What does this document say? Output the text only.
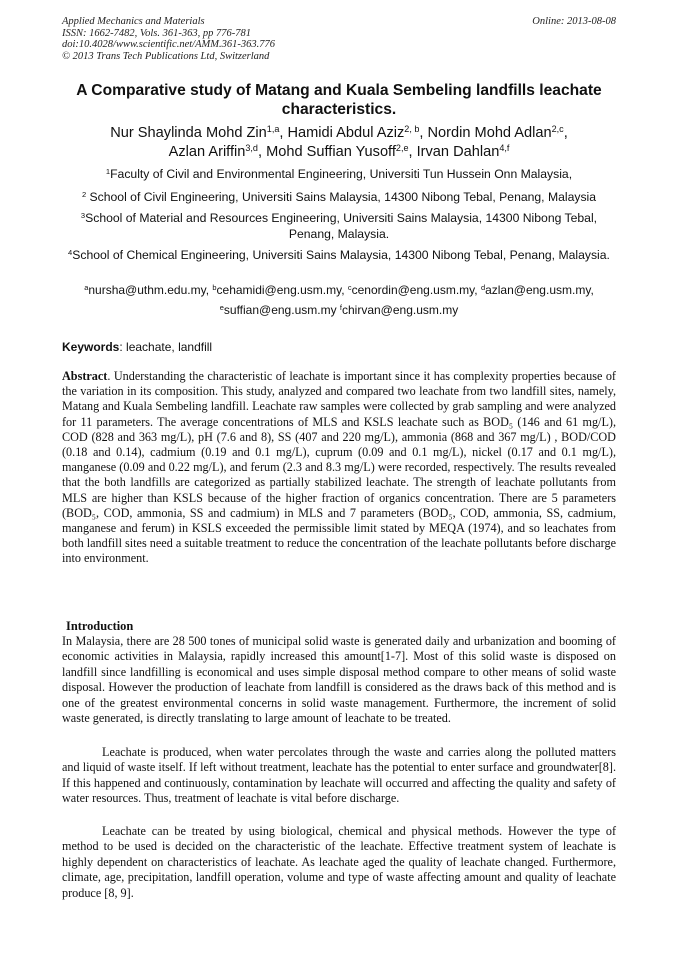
Applied Mechanics and Materials
ISSN: 1662-7482, Vols. 361-363, pp 776-781
doi:10.4028/www.scientific.net/AMM.361-363.776
© 2013 Trans Tech Publications Ltd, Switzerland
Online: 2013-08-08
A Comparative study of Matang and Kuala Sembeling landfills leachate characteristics.
Nur Shaylinda Mohd Zin$^{1,a}$, Hamidi Abdul Aziz$^{2, b}$, Nordin Mohd Adlan$^{2,c}$,
Azlan Ariffin$^{3,d}$, Mohd Suffian Yusoff$^{2,e}$, Irvan Dahlan$^{4,f}$
$^1$Faculty of Civil and Environmental Engineering, Universiti Tun Hussein Onn Malaysia,
$^2$ School of Civil Engineering, Universiti Sains Malaysia, 14300 Nibong Tebal, Penang, Malaysia
$^3$School of Material and Resources Engineering, Universiti Sains Malaysia, 14300 Nibong Tebal, Penang, Malaysia.
$^4$School of Chemical Engineering, Universiti Sains Malaysia, 14300 Nibong Tebal, Penang, Malaysia.
$^a$nursha@uthm.edu.my, $^b$cehamidi@eng.usm.my, $^c$cenordin@eng.usm.my, $^d$azlan@eng.usm.my,
$^e$suffian@eng.usm.my $^f$chirvan@eng.usm.my
Keywords: leachate, landfill
Abstract. Understanding the characteristic of leachate is important since it has complexity properties because of the variation in its composition. This study, analyzed and compared two leachate from two landfill sites, namely, Matang and Kuala Sembeling landfill. Leachate raw samples were collected by grab sampling and were analyzed for 11 parameters. The average concentrations of MLS and KSLS leachate such as BOD₅ (146 and 61 mg/L), COD (828 and 363 mg/L), pH (7.6 and 8), SS (407 and 220 mg/L), ammonia (868 and 367 mg/L) , BOD/COD (0.18 and 0.14), cadmium (0.19 and 0.1 mg/L), cuprum (0.09 and 0.1 mg/L), nickel (0.17 and 0.1 mg/L), manganese (0.09 and 0.22 mg/L), and ferum (2.3 and 8.3 mg/L) were recorded, respectively. The results revealed that the both landfills are categorized as partially stabilized leachate. The strength of leachate pollutants from MLS are higher than KSLS because of the higher fraction of organics concentration. There are 5 parameters (BOD₅, COD, ammonia, SS and cadmium) in MLS and 7 parameters (BOD₅, COD, ammonia, SS, cadmium, manganese and ferum) in KSLS exceeded the permissible limit stated by MEQA (1974), and so leachates from both landfill sites need a suitable treatment to reduce the concentration of the leachate pollutants before discharge into environment.
Introduction

In Malaysia, there are 28 500 tones of municipal solid waste is generated daily and urbanization and booming of economic activities in Malaysia, rapidly increased this amount[1-7]. Most of this solid waste is disposed on landfill since landfilling is economical and uses simple disposal method compare to other means of solid waste disposal. However the production of leachate from landfill is considered as the draws back of this method and is one of the greatest environmental concerns in solid waste management. Furthermore, the increment of solid waste generated, is directly translating to large amount of leachate to be treated.

Leachate is produced, when water percolates through the waste and carries along the polluted matters and liquid of waste itself. If left without treatment, leachate has the potential to enter surface and groundwater[8]. If this happened and continuously, contamination by leachate will occurred and affecting the quality and safety of water resources. Thus, treatment of leachate is vital before discharge.

Leachate can be treated by using biological, chemical and physical methods. However the type of method to be used is decided on the characteristic of the leachate. Effective treatment system of leachate is highly dependent on characteristics of leachate. As leachate aged the quality of leachate changed. Furthermore, climate, age, precipitation, landfill operation, volume and type of waste affecting amount and quality of leachate produce [8, 9].
